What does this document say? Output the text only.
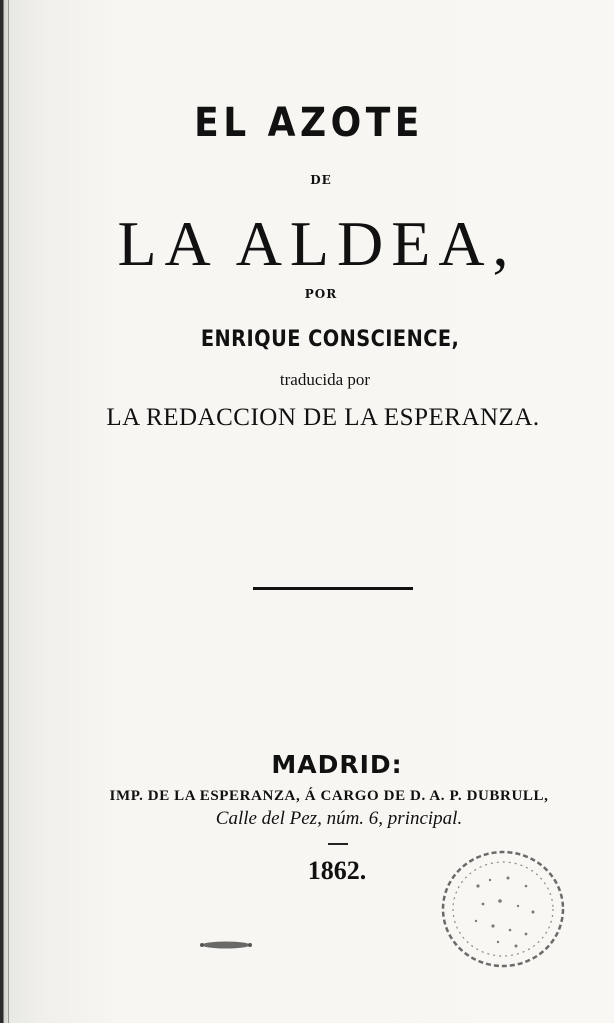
EL AZOTE

DE

LA ALDEA,

POR

ENRIQUE CONSCIENCE,

traducida por

LA REDACCION DE LA ESPERANZA.

MADRID:

IMP. DE LA ESPERANZA, Á CARGO DE D. A. P. DUBRULL,

Calle del Pez, núm. 6, principal.

1862.
